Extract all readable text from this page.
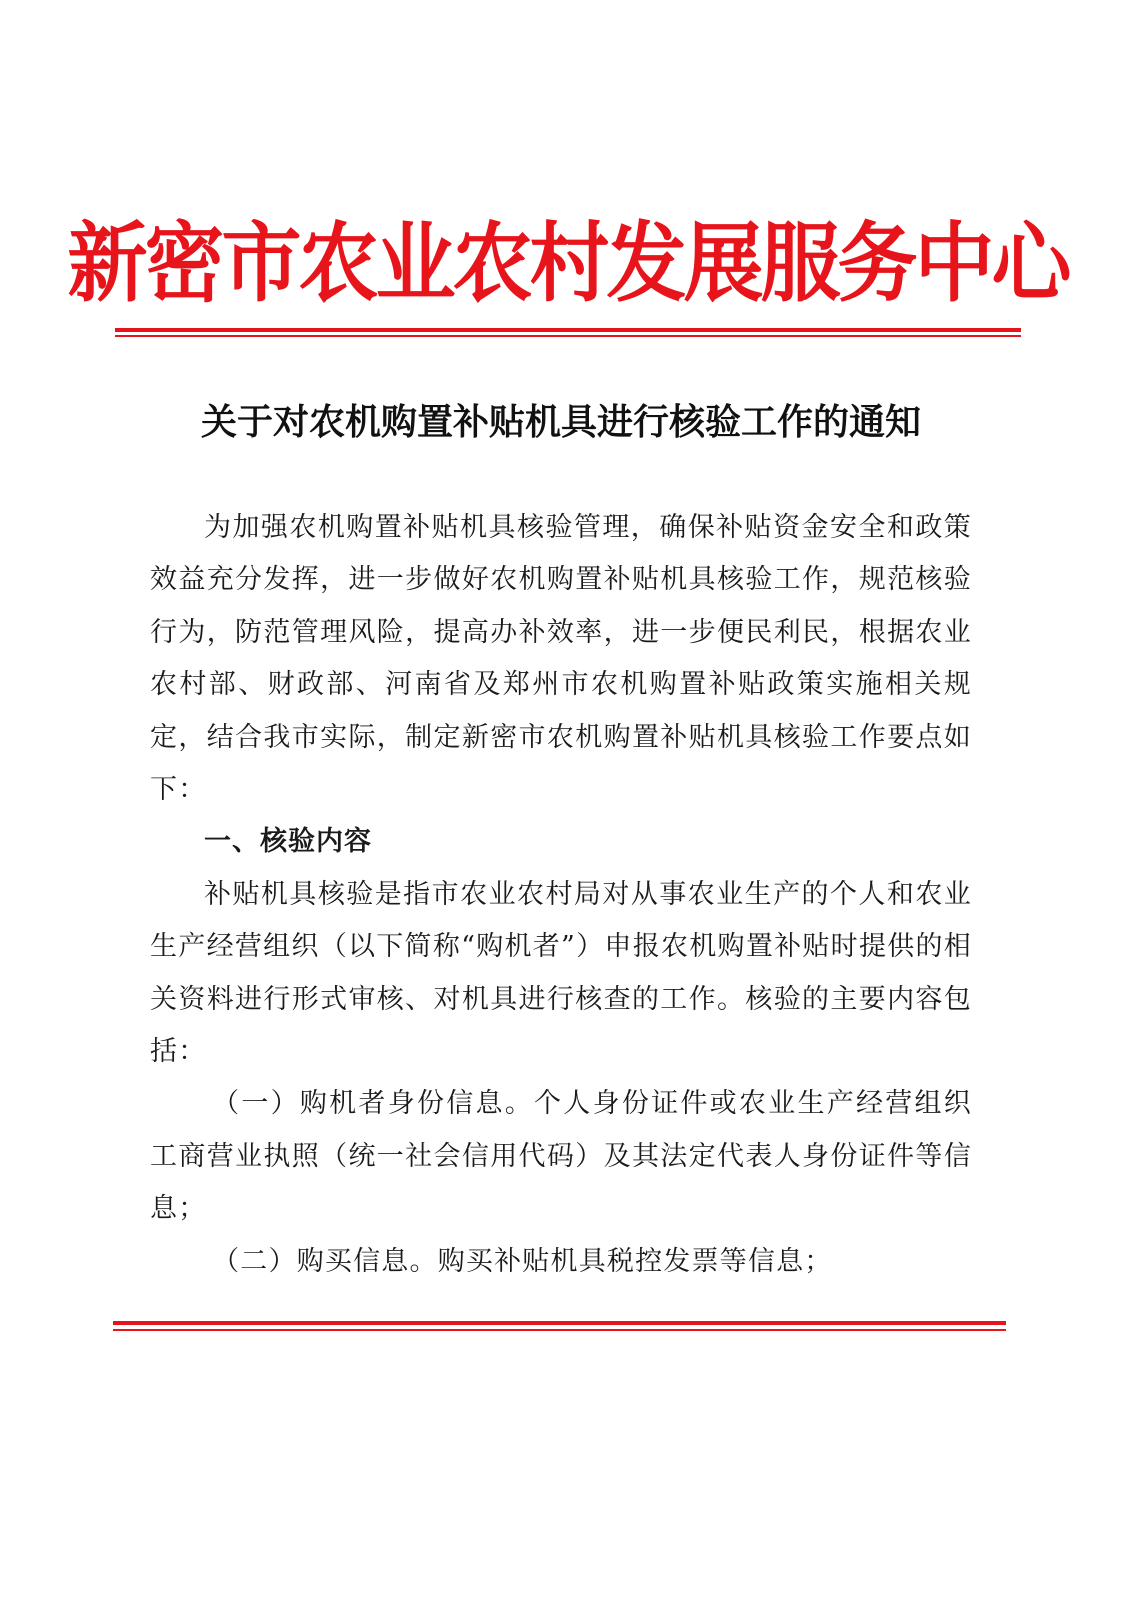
新密市农业农村发展服务中心
关于对农机购置补贴机具进行核验工作的通知

为加强农机购置补贴机具核验管理，确保补贴资金安全和政策效益充分发挥，进一步做好农机购置补贴机具核验工作，规范核验行为，防范管理风险，提高办补效率，进一步便民利民，根据农业农村部、财政部、河南省及郑州市农机购置补贴政策实施相关规定，结合我市实际，制定新密市农机购置补贴机具核验工作要点如下：

一、核验内容

补贴机具核验是指市农业农村局对从事农业生产的个人和农业生产经营组织（以下简称“购机者”）申报农机购置补贴时提供的相关资料进行形式审核、对机具进行核查的工作。核验的主要内容包括：

（一）购机者身份信息。个人身份证件或农业生产经营组织工商营业执照（统一社会信用代码）及其法定代表人身份证件等信息；

（二）购买信息。购买补贴机具税控发票等信息；
